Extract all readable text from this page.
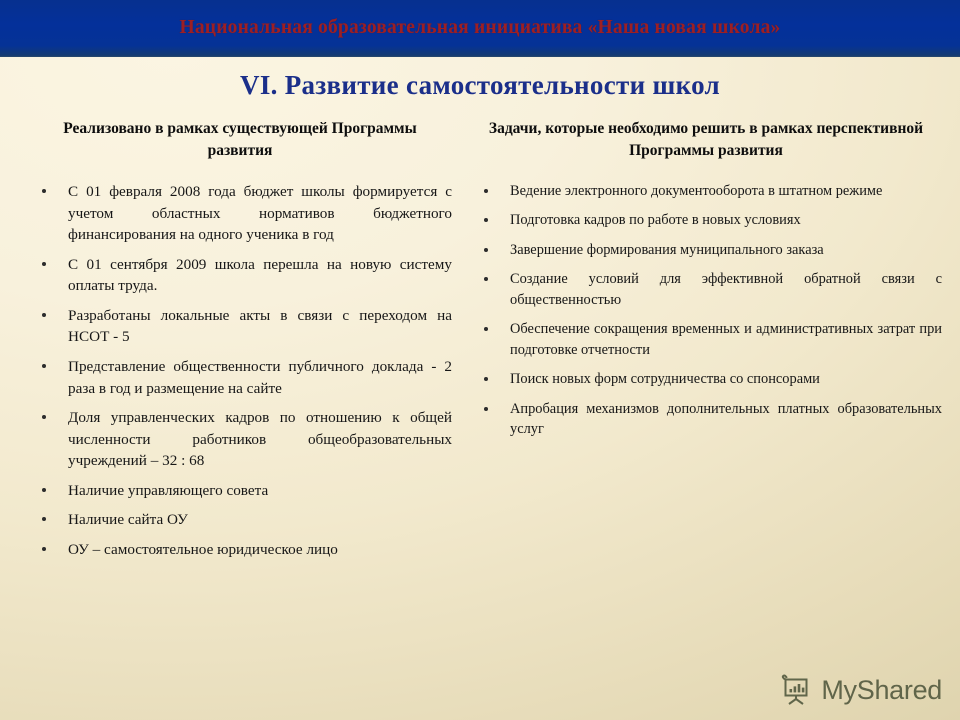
Национальная образовательная инициатива «Наша новая школа»
VI. Развитие самостоятельности школ
Реализовано в рамках существующей Программы развития
С 01 февраля 2008 года бюджет школы формируется с учетом областных нормативов бюджетного финансирования на одного ученика в год
С 01 сентября 2009 школа перешла на новую систему оплаты труда.
Разработаны локальные акты в связи с переходом на НСОТ - 5
Представление общественности публичного доклада - 2 раза в год и размещение на сайте
Доля управленческих кадров по отношению к общей численности работников общеобразовательных учреждений – 32 : 68
Наличие управляющего совета
Наличие сайта ОУ
ОУ – самостоятельное юридическое лицо
Задачи, которые необходимо решить в рамках перспективной Программы развития
Ведение электронного документооборота в штатном режиме
Подготовка кадров по работе в новых условиях
Завершение формирования муниципального заказа
Создание условий для эффективной обратной связи с общественностью
Обеспечение сокращения временных и административных затрат при подготовке отчетности
Поиск новых форм сотрудничества со спонсорами
Апробация механизмов дополнительных платных образовательных услуг
MyShared
